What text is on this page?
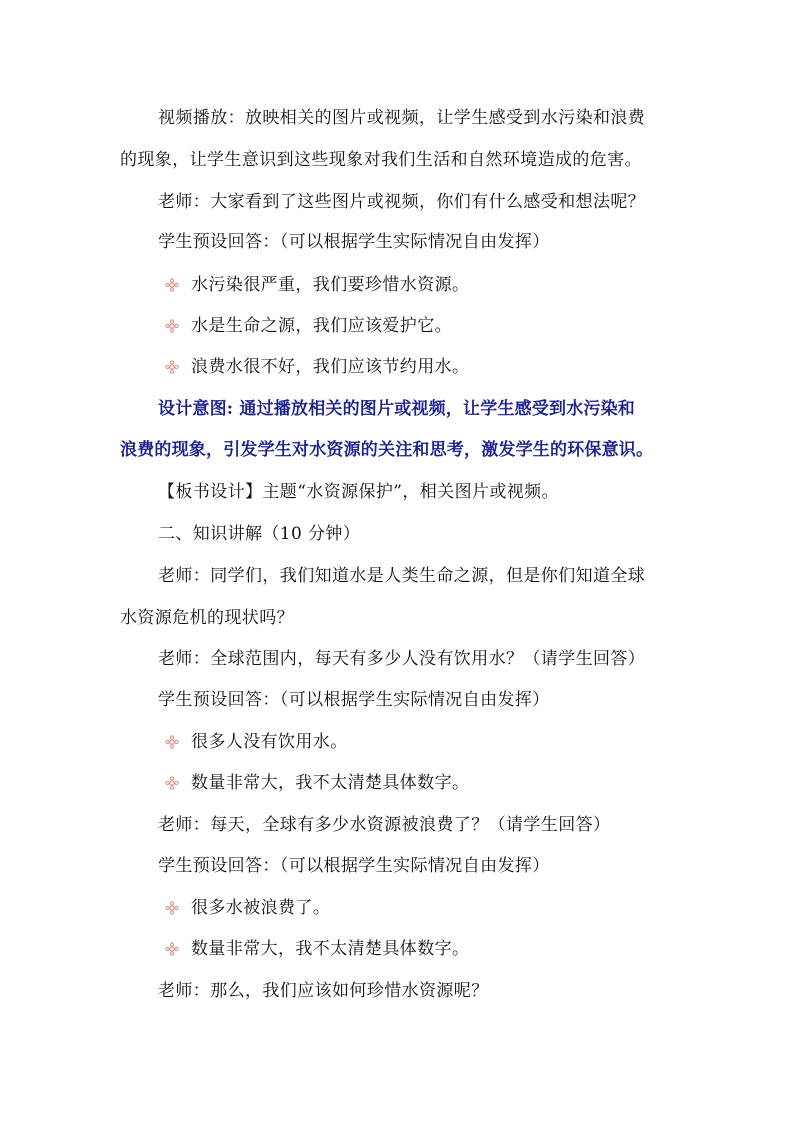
视频播放：放映相关的图片或视频，让学生感受到水污染和浪费
的现象，让学生意识到这些现象对我们生活和自然环境造成的危害。
老师：大家看到了这些图片或视频，你们有什么感受和想法呢？
学生预设回答：（可以根据学生实际情况自由发挥）
水污染很严重，我们要珍惜水资源。
水是生命之源，我们应该爱护它。
浪费水很不好，我们应该节约用水。
设计意图: 通过播放相关的图片或视频，让学生感受到水污染和
浪费的现象，引发学生对水资源的关注和思考，激发学生的环保意识。
【板书设计】主题“水资源保护”，相关图片或视频。
二、知识讲解（10 分钟）
老师：同学们，我们知道水是人类生命之源，但是你们知道全球
水资源危机的现状吗？
老师：全球范围内，每天有多少人没有饮用水？（请学生回答）
学生预设回答：（可以根据学生实际情况自由发挥）
很多人没有饮用水。
数量非常大，我不太清楚具体数字。
老师：每天，全球有多少水资源被浪费了？（请学生回答）
学生预设回答：（可以根据学生实际情况自由发挥）
很多水被浪费了。
数量非常大，我不太清楚具体数字。
老师：那么，我们应该如何珍惜水资源呢？
